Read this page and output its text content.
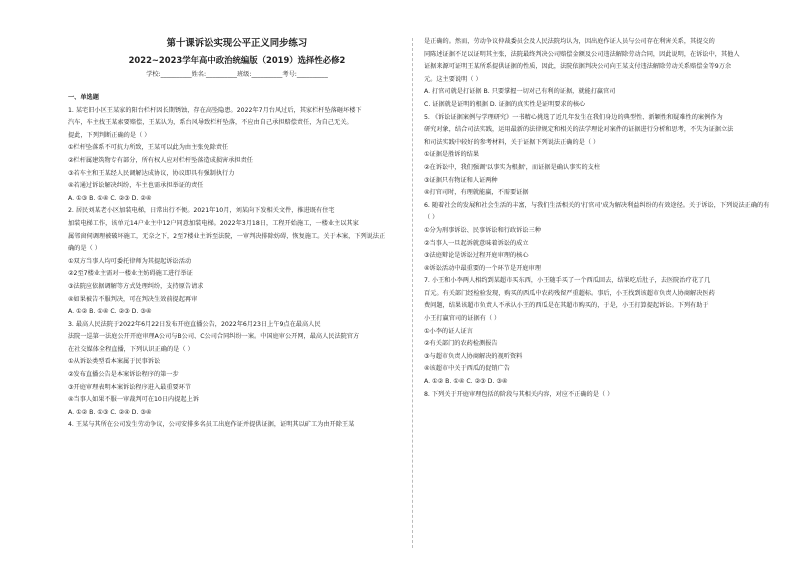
第十课诉讼实现公平正义同步练习
2022~2023学年高中政治统编版（2019）选择性必修2
学校:__________姓名:__________班级:__________考号:__________
一、单选题
1. 某宅旧小区王某家的阳台栏杆因长期锈蚀，存在高坠隐患。2022年7月台风过后，其家栏杆坠落砸坏楼下
汽车，车主找王某索要赔偿，王某认为，系台风导致栏杆坠落，不应由自己承担赔偿责任，为自己无关。
提此，下列判断正确的是（ ）
①栏杆坠落系不可抗力所致，王某可以此为由主张免除责任
②栏杆属建筑物专有部分，所有权人应对栏杆坠落造成损害承担责任
③若车主和王某经人民调解达成协议，协议即具有强制执行力
④若通过诉讼解决纠纷，车主也需承担举证的责任
A. ①③ B. ①④ C. ②③ D. ②④
2. 居民刘某老小区加装电梯，日常出行不便。2021年10月，刘某向下发相关文件，推进既有住宅
加装电梯工作，该单元14户业主中12户同意加装电梯。2022年3月18日，工程开始施工，一楼业主以其家
属邻窗伺调理被破坏施工，无奈之下，2至7楼业主诉至法院，一审判决排除妨碍，恢复施工。关于本案，下列说法正
确的是（ ）
①双方当事人均可委托律师为其提起诉讼活动
②2至7楼业主需对一楼业主妨碍施工进行举证
③法院应依据调解等方式处理纠纷，支持原告请求
④如果被告不服判决，可在判决生效前提起再审
A. ①② B. ①④ C. ②③ D. ③④
3. 最高人民法院于2022年6月22日发布开庭直播公告，2022年6月23日上午9点在最高人民
法院一巡第一法庭公开开庭审理A公司与B公司、C公司合同纠纷一案。中国庭审公开网，最高人民法院官方
在社交媒体全程直播，下列认识正确的是（ ）
①从诉讼类型看本案属于民事诉讼
②发布直播公告是本案诉讼程序的第一步
③开庭审理表明本案诉讼程序进入最重要环节
④当事人如果不服一审裁判可在10日内提起上诉
A. ①② B. ①③ C. ②④ D. ③④
4. 王某与其所在公司发生劳动争议，公司安排多名员工出庭作证并提供证据，证明其以矿工为由开除王某
是正确的。然而，劳动争议仲裁委员会及人民法院均认为，因出庭作证人员与公司存在利害关系，其提交的
同陈述证据不足以证明其主张，法院最终判决公司赔偿金额及公司违法解除劳动合同，因此说明，在诉讼中，其他人
证据来源可证明王某所系提供证据的性质，因此，法院依据判决公司向王某支付违法解除劳动关系赔偿金等9万余
元。这主要说明（ ）
A. 打官司就是打证据 B. 只要掌握一切对己有利的证据，就能打赢官司
C. 证据就是证明的根据 D. 证据的真实性是证明要求的核心
5. 《诉讼证据案例与学理研究》一书精心挑选了近几年发生在我们身边的典型性、新颖性和疑难性的案例作为
研究对象，结合司法实践，运用最新的法律规定和相关的法学理论对案件的证据进行分析和思考，不失为证据立法
和司法实践中较好的参考材料，关于证据下列说法正确的是（ ）
①证据是胜诉的结果
②在诉讼中，我们强调'以事实为根据'，而证据是确认事实的支柱
③证据只有物证和人证两种
④打官司时，有理就能赢，不需要证据
6. 随着社会的发展和社会生活的丰富，与我们生活相关的'打官司'成为解决利益纠纷的有效途径。关于诉讼，下列说法正确的有
（ ）
①分为刑事诉讼、民事诉讼和行政诉讼三种
②当事人一旦起诉就意味着诉讼的成立
③法庭辩论是诉讼过程开庭审理的核心
④诉讼活动中最重要的一个环节是开庭审理
7. 小王和小李两人相约到某超市买东西，小王随手买了一个西瓜回去，结果吃后肚子，去医院治疗花了几
百元。有关部门经检验发现，购买的西瓜中农药残留严重超标。事后，小王找到该超市负责人协商解决医药
费问题，结果该超市负责人不承认小王的西瓜是在其超市购买的，于是，小王打算提起诉讼。下列有助于
小王打赢官司的证据有（ ）
①小李的证人证言
②有关部门的农药检测报告
③与超市负责人协商解决的视听资料
④该超市中关于西瓜的促销广告
A. ①② B. ①④ C. ②③ D. ③④
8. 下列关于开庭审理包括的阶段与其相关内容，对应不正确的是（ ）
